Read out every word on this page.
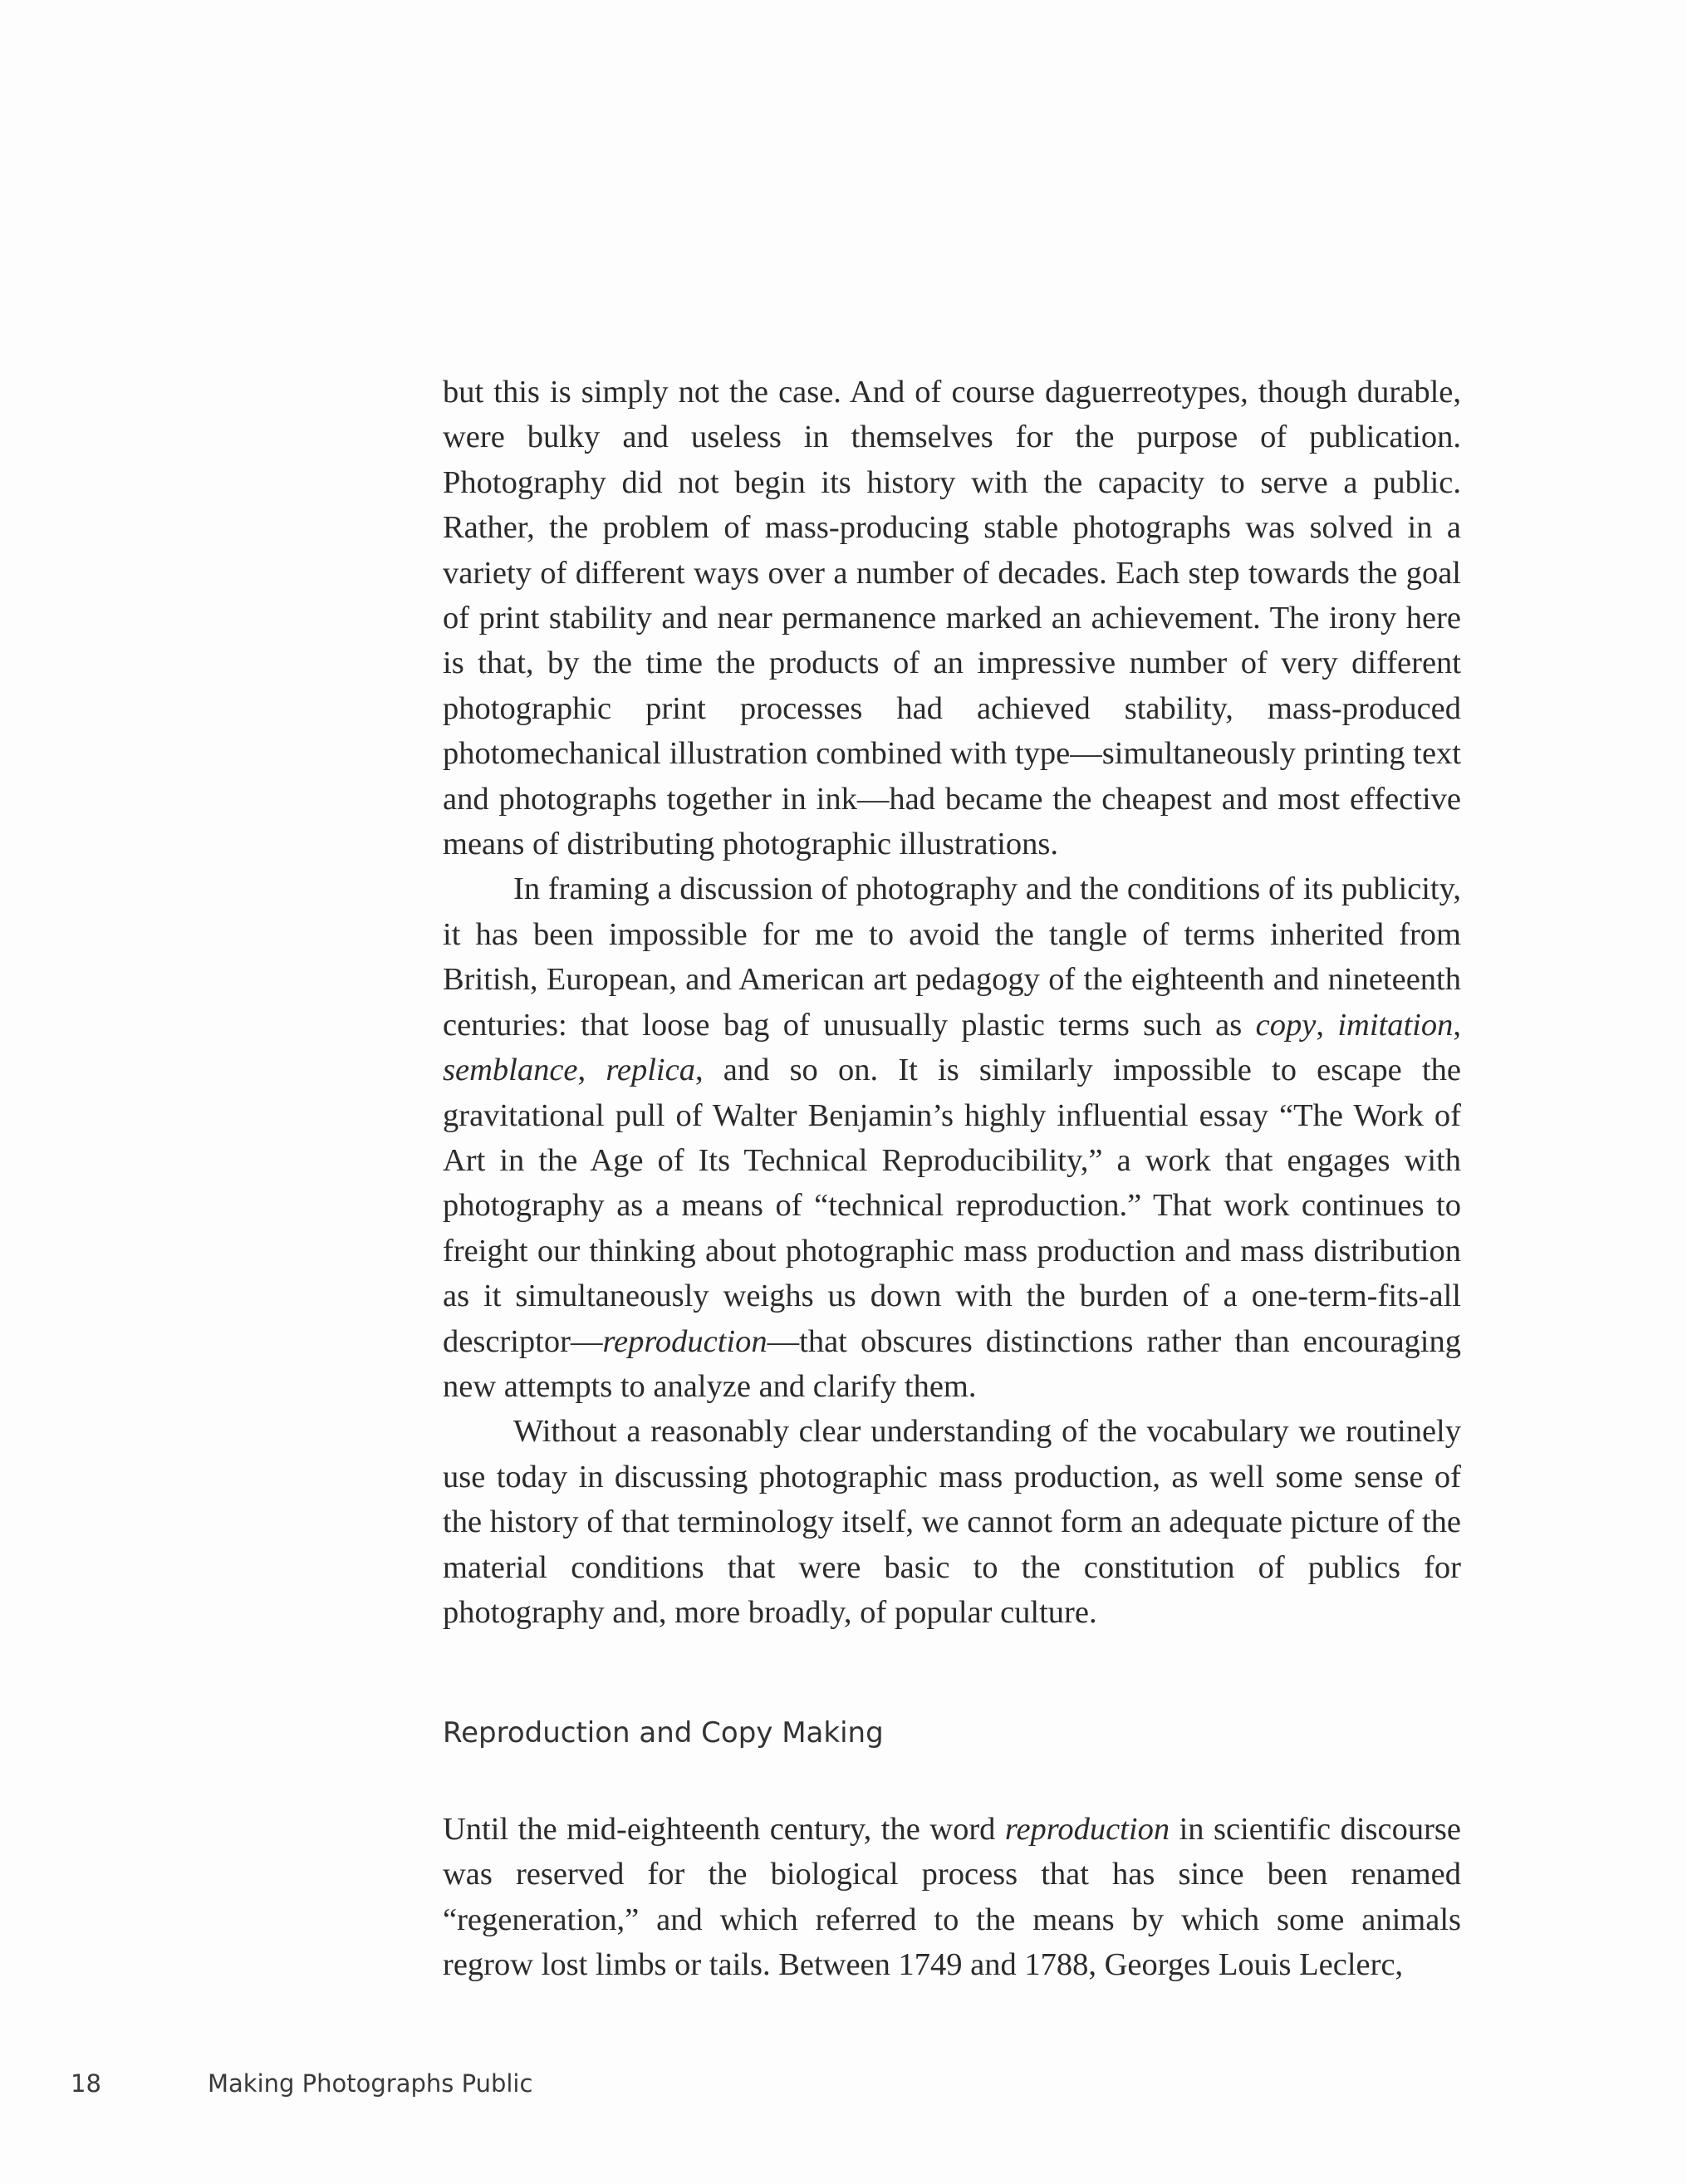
but this is simply not the case. And of course daguerreotypes, though durable, were bulky and useless in themselves for the purpose of publication. Photography did not begin its history with the capacity to serve a public. Rather, the problem of mass-producing stable photographs was solved in a variety of different ways over a number of decades. Each step towards the goal of print stability and near permanence marked an achievement. The irony here is that, by the time the products of an impressive number of very different photographic print processes had achieved stability, mass-produced photomechanical illustration combined with type—simultaneously printing text and photographs together in ink—had became the cheapest and most effective means of distributing photographic illustrations.

In framing a discussion of photography and the conditions of its publicity, it has been impossible for me to avoid the tangle of terms inherited from British, European, and American art pedagogy of the eighteenth and nineteenth centuries: that loose bag of unusually plastic terms such as copy, imitation, semblance, replica, and so on. It is similarly impossible to escape the gravitational pull of Walter Benjamin’s highly influential essay “The Work of Art in the Age of Its Technical Reproducibility,” a work that engages with photography as a means of “technical reproduction.” That work continues to freight our thinking about photographic mass production and mass distribution as it simultaneously weighs us down with the burden of a one-term-fits-all descriptor—reproduction—that obscures distinctions rather than encouraging new attempts to analyze and clarify them.

Without a reasonably clear understanding of the vocabulary we routinely use today in discussing photographic mass production, as well some sense of the history of that terminology itself, we cannot form an adequate picture of the material conditions that were basic to the constitution of publics for photography and, more broadly, of popular culture.

Reproduction and Copy Making

Until the mid-eighteenth century, the word reproduction in scientific discourse was reserved for the biological process that has since been renamed “regeneration,” and which referred to the means by which some animals regrow lost limbs or tails. Between 1749 and 1788, Georges Louis Leclerc,

18	Making Photographs Public
